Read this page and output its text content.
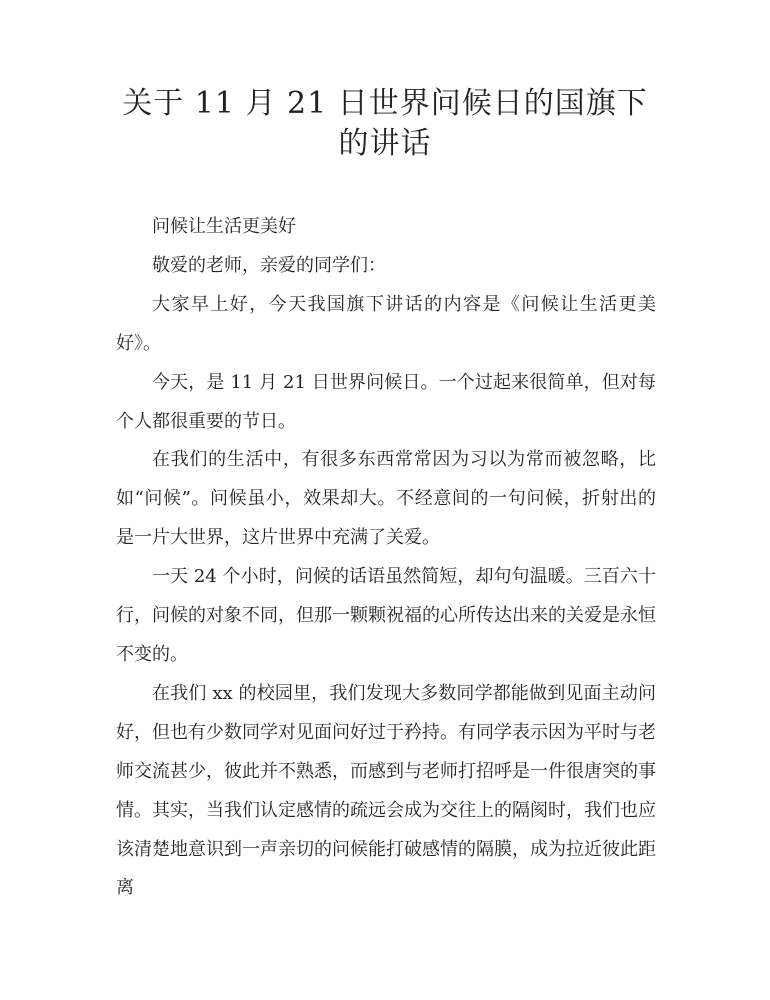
关于 11 月 21 日世界问候日的国旗下的讲话

问候让生活更美好

敬爱的老师，亲爱的同学们：

大家早上好，今天我国旗下讲话的内容是《问候让生活更美好》。

今天，是 11 月 21 日世界问候日。一个过起来很简单，但对每个人都很重要的节日。

在我们的生活中，有很多东西常常因为习以为常而被忽略，比如“问候”。问候虽小，效果却大。不经意间的一句问候，折射出的是一片大世界，这片世界中充满了关爱。

一天 24 个小时，问候的话语虽然简短，却句句温暖。三百六十行，问候的对象不同，但那一颗颗祝福的心所传达出来的关爱是永恒不变的。

在我们 xx 的校园里，我们发现大多数同学都能做到见面主动问好，但也有少数同学对见面问好过于矜持。有同学表示因为平时与老师交流甚少，彼此并不熟悉，而感到与老师打招呼是一件很唐突的事情。其实，当我们认定感情的疏远会成为交往上的隔阂时，我们也应该清楚地意识到一声亲切的问候能打破感情的隔膜，成为拉近彼此距离
